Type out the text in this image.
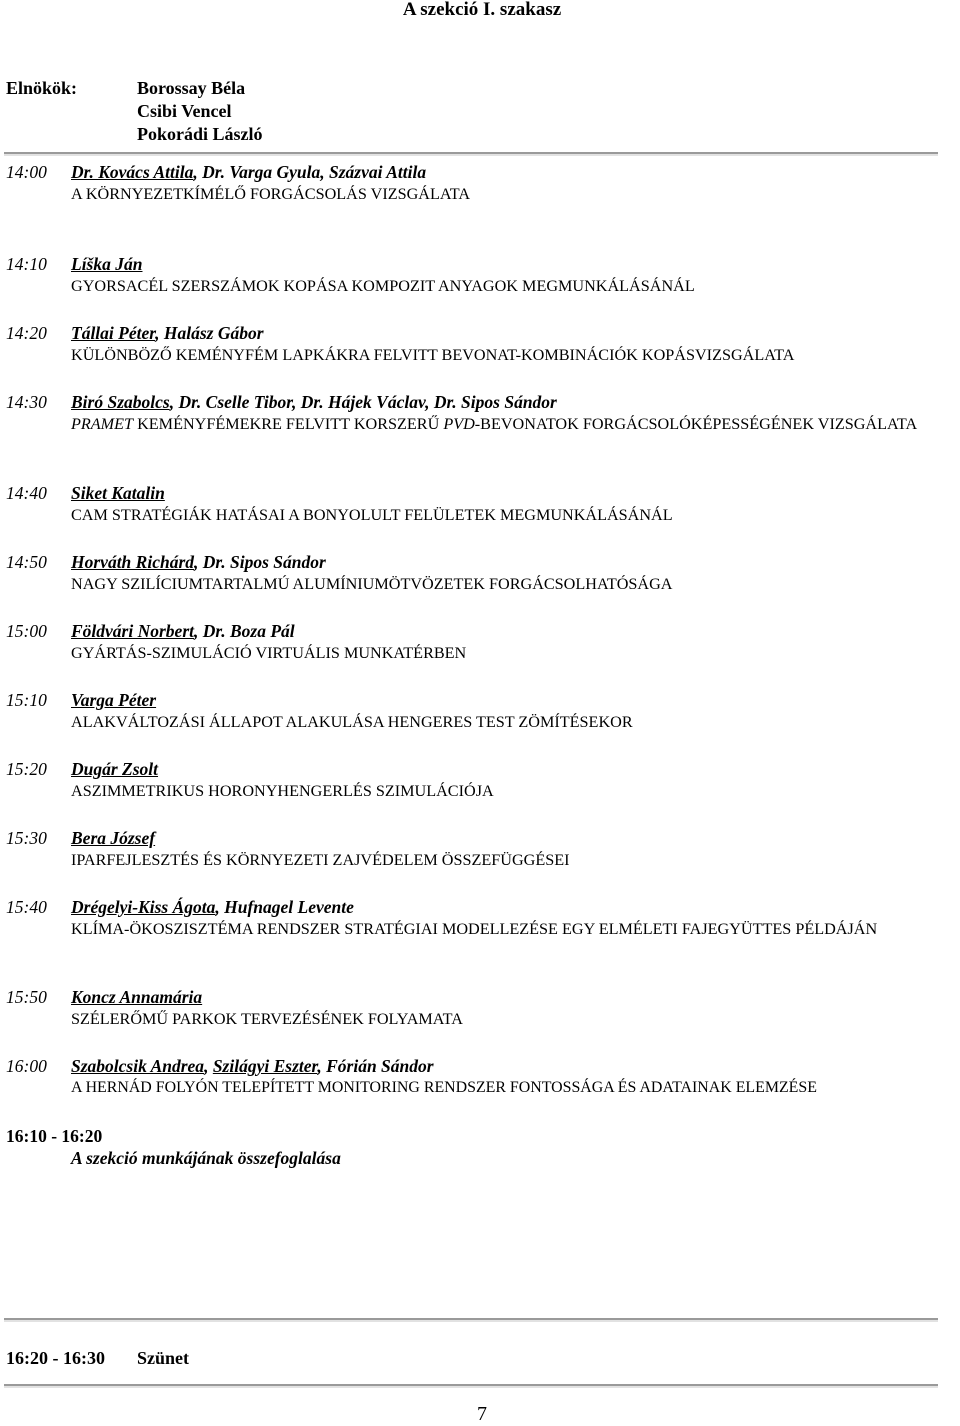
A szekció I. szakasz
Elnökök:	Borossay Béla
Csibi Vencel
Pokorádi László
14:00 Dr. Kovács Attila, Dr. Varga Gyula, Százvai Attila
A KÖRNYEZETKÍMÉLŐ FORGÁCSOLÁS VIZSGÁLATA
14:10 Líška Ján
GYORSACÉL SZERSZÁMOK KOPÁSA KOMPOZIT ANYAGOK MEGMUNKÁLÁSÁNÁL
14:20 Tállai Péter, Halász Gábor
KÜLÖNBÖZŐ KEMÉNYFÉM LAPKÁKRA FELVITT BEVONAT-KOMBINÁCIÓK KOPÁSVIZSGÁLATA
14:30 Biró Szabolcs, Dr. Cselle Tibor, Dr. Hájek Václav, Dr. Sipos Sándor
PRAMET KEMÉNYFÉMEKRE FELVITT KORSZERŰ PVD-BEVONATOK FORGÁCSOLÓKÉPESSÉGÉNEK VIZSGÁLATA
14:40 Siket Katalin
CAM STRATÉGIÁK HATÁSAI A BONYOLULT FELÜLETEK MEGMUNKÁLÁSÁNÁL
14:50 Horváth Richárd, Dr. Sipos Sándor
NAGY SZILÍCIUMTARTALMÚ ALUMÍNIUMÖTVÖZETEK FORGÁCSOLHATÓSÁGA
15:00 Földvári Norbert, Dr. Boza Pál
GYÁRTÁS-SZIMULÁCIÓ VIRTUÁLIS MUNKATÉRBEN
15:10 Varga Péter
ALAKVÁLTOZÁSI ÁLLAPOT ALAKULÁSA HENGERES TEST ZÖMÍTÉSEKOR
15:20 Dugár Zsolt
ASZIMMETRIKUS HORONYHENGERLÉS SZIMULÁCIÓJA
15:30 Bera József
IPARFEJLESZTÉS ÉS KÖRNYEZETI ZAJVÉDELEM ÖSSZEFÜGGÉSEI
15:40 Drégelyi-Kiss Ágota, Hufnagel Levente
KLÍMA-ÖKOSZISZTÉMA RENDSZER STRATÉGIAI MODELLEZÉSE EGY ELMÉLETI FAJEGYÜTTES PÉLDÁJÁN
15:50 Koncz Annamária
SZÉLERŐMŰ PARKOK TERVEZÉSÉNEK FOLYAMATA
16:00 Szabolcsik Andrea, Szilágyi Eszter, Fórián Sándor
A HERNÁD FOLYÓN TELEPÍTETT MONITORING RENDSZER FONTOSSÁGA ÉS ADATAINAK ELEMZÉSE
16:10 - 16:20

A szekció munkájának összefoglalása
16:20 - 16:30 Szünet
7
